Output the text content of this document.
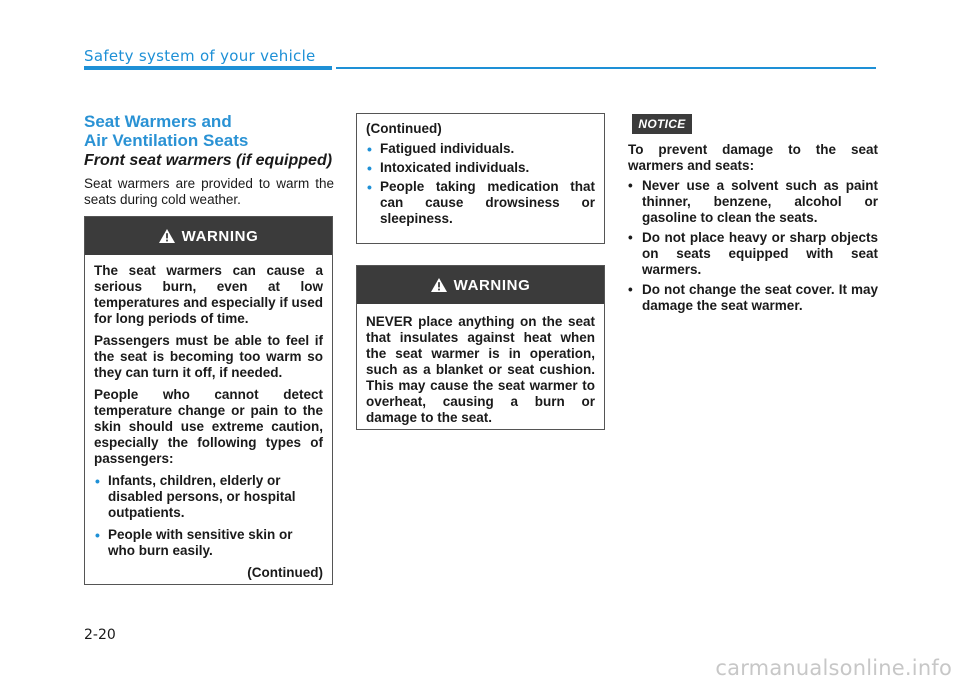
Safety system of your vehicle
Seat Warmers and
Air Ventilation Seats
Front seat warmers (if equipped)
Seat warmers are provided to warm the seats during cold weather.
WARNING

The seat warmers can cause a serious burn, even at low temperatures and especially if used for long periods of time.

Passengers must be able to feel if the seat is becoming too warm so they can turn it off, if needed.

People who cannot detect temperature change or pain to the skin should use extreme caution, especially the following types of passengers:

• Infants, children, elderly or disabled persons, or hospital outpatients.
• People with sensitive skin or who burn easily.
(Continued)
(Continued)
• Fatigued individuals.
• Intoxicated individuals.
• People taking medication that can cause drowsiness or sleepiness.
WARNING

NEVER place anything on the seat that insulates against heat when the seat warmer is in operation, such as a blanket or seat cushion. This may cause the seat warmer to overheat, causing a burn or damage to the seat.

NOTICE

To prevent damage to the seat warmers and seats:

• Never use a solvent such as paint thinner, benzene, alcohol or gasoline to clean the seats.
• Do not place heavy or sharp objects on seats equipped with seat warmers.
• Do not change the seat cover. It may damage the seat warmer.
2-20
carmanualsonline.info
